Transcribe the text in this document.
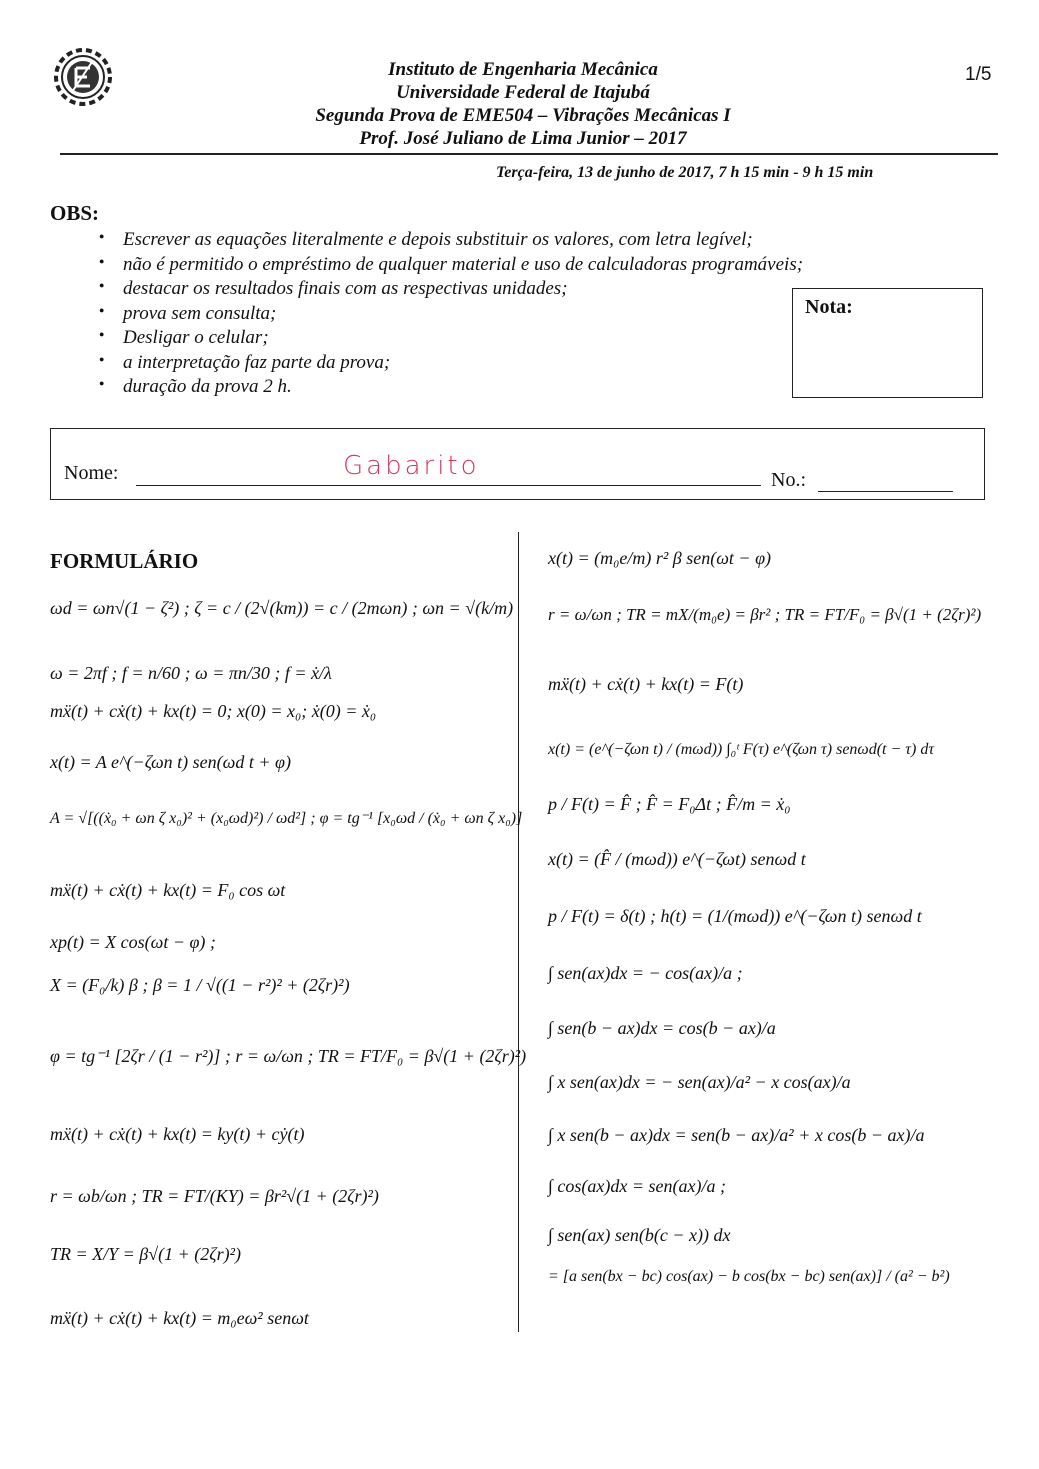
Instituto de Engenharia Mecânica
Universidade Federal de Itajubá
Segunda Prova de EME504 – Vibrações Mecânicas I
Prof. José Juliano de Lima Junior – 2017
1/5
Terça-feira, 13 de junho de 2017, 7 h 15 min - 9 h 15 min
OBS:
● Escrever as equações literalmente e depois substituir os valores, com letra legível;
● não é permitido o empréstimo de qualquer material e uso de calculadoras programáveis;
● destacar os resultados finais com as respectivas unidades;
● prova sem consulta;
● Desligar o celular;
● a interpretação faz parte da prova;
● duração da prova 2 h.
Nota:
Nome:	Gabarito	No.:
FORMULÁRIO
ωd = ωn√(1 − ζ²) ; ζ = c / (2√(km)) = c / (2mωn) ; ωn = √(k/m)
ω = 2πf ; f = n/60 ; ω = πn/30 ; f = ẋ/λ
mẍ(t) + cẋ(t) + kx(t) = 0; x(0) = x₀; ẋ(0) = ẋ₀
x(t) = A e^(−ζωn t) sen(ωd t + φ)
A = √[((ẋ₀ + ωn ζ x₀)² + (x₀ωd)²) / ωd²] ; φ = tg⁻¹ [x₀ωd / (ẋ₀ + ωn ζ x₀)]
mẍ(t) + cẋ(t) + kx(t) = F₀ cos ωt
xp(t) = X cos(ωt − φ) ;
X = (F₀/k) β ; β = 1 / √((1 − r²)² + (2ζr)²)
φ = tg⁻¹ [2ζr / (1 − r²)] ; r = ω/ωn ; TR = FT/F₀ = β√(1 + (2ζr)²)
mẍ(t) + cẋ(t) + kx(t) = ky(t) + cẏ(t)
r = ωb/ωn ; TR = FT/(KY) = βr²√(1 + (2ζr)²)
TR = X/Y = β√(1 + (2ζr)²)
mẍ(t) + cẋ(t) + kx(t) = m₀eω² senωt
x(t) = (m₀e/m) r² β sen(ωt − φ)
r = ω/ωn ; TR = mX/(m₀e) = βr² ; TR = FT/F₀ = β√(1 + (2ζr)²)
mẍ(t) + cẋ(t) + kx(t) = F(t)
x(t) = (e^(−ζωn t) / (mωd)) ∫₀ᵗ F(τ) e^(ζωn τ) senωd(t − τ) dτ
p / F(t) = F̂ ; F̂ = F₀Δt ; F̂/m = ẋ₀
x(t) = (F̂ / (mωd)) e^(−ζωt) senωd t
p / F(t) = δ(t) ; h(t) = (1/(mωd)) e^(−ζωn t) senωd t
∫ sen(ax)dx = − cos(ax)/a ;
∫ sen(b − ax)dx = cos(b − ax)/a
∫ x sen(ax)dx = − sen(ax)/a² − x cos(ax)/a
∫ x sen(b − ax)dx = sen(b − ax)/a² + x cos(b − ax)/a
∫ cos(ax)dx = sen(ax)/a ;
∫ sen(ax) sen(b(c − x)) dx
= [a sen(bx − bc) cos(ax) − b cos(bx − bc) sen(ax)] / (a² − b²)
